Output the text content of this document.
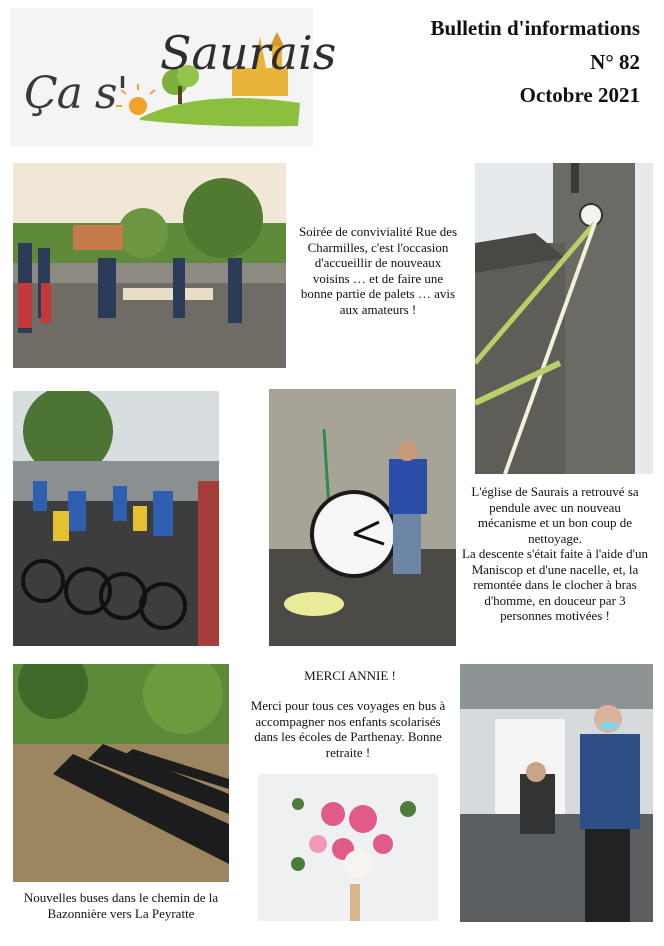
Ça s'
Saurais	Bulletin d'informations
N° 82
Octobre 2021
Soirée de convivialité Rue des Charmilles, c'est l'occasion d'accueillir de nouveaux voisins … et de faire une bonne partie de palets … avis aux amateurs !
L'église de Saurais a retrouvé sa pendule avec un nouveau mécanisme et un bon coup de nettoyage.
La descente s'était faite à l'aide d'un Maniscop et d'une nacelle, et, la remontée dans le clocher à bras d'homme, en douceur par 3 personnes motivées !
Nouvelles buses dans le chemin de la Bazonnière vers La Peyratte
MERCI ANNIE !
Merci pour tous ces voyages en bus à accompagner nos enfants scolarisés dans les écoles de Parthenay. Bonne retraite !
